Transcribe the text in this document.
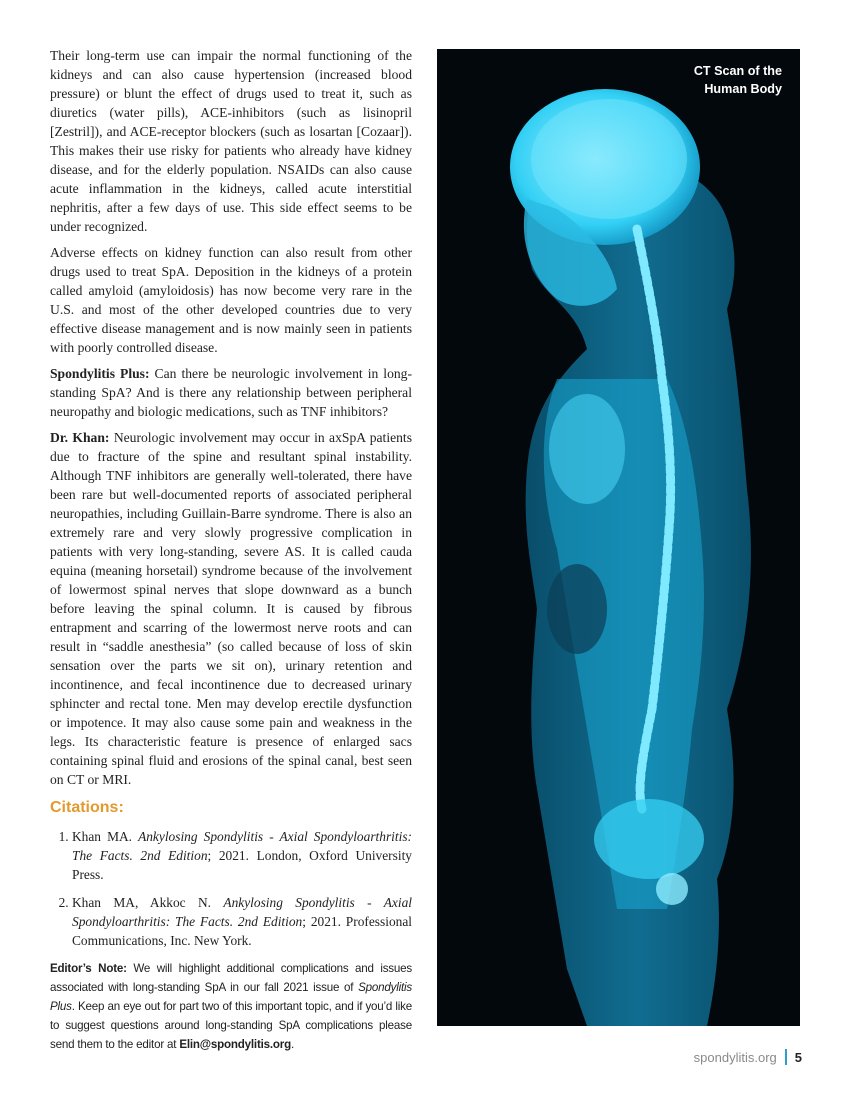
Their long-term use can impair the normal functioning of the kidneys and can also cause hypertension (increased blood pressure) or blunt the effect of drugs used to treat it, such as diuretics (water pills), ACE-inhibitors (such as lisinopril [Zestril]), and ACE-receptor blockers (such as losartan [Cozaar]). This makes their use risky for patients who already have kidney disease, and for the elderly population. NSAIDs can also cause acute inflammation in the kidneys, called acute interstitial nephritis, after a few days of use. This side effect seems to be under recognized.

Adverse effects on kidney function can also result from other drugs used to treat SpA. Deposition in the kidneys of a protein called amyloid (amyloidosis) has now become very rare in the U.S. and most of the other developed countries due to very effective disease management and is now mainly seen in patients with poorly controlled disease.

Spondylitis Plus: Can there be neurologic involvement in long-standing SpA? And is there any relationship between peripheral neuropathy and biologic medications, such as TNF inhibitors?

Dr. Khan: Neurologic involvement may occur in axSpA patients due to fracture of the spine and resultant spinal instability. Although TNF inhibitors are generally well-tolerated, there have been rare but well-documented reports of associated peripheral neuropathies, including Guillain-Barre syndrome. There is also an extremely rare and very slowly progressive complication in patients with very long-standing, severe AS. It is called cauda equina (meaning horsetail) syndrome because of the involvement of lowermost spinal nerves that slope downward as a bunch before leaving the spinal column. It is caused by fibrous entrapment and scarring of the lowermost nerve roots and can result in “saddle anesthesia” (so called because of loss of skin sensation over the parts we sit on), urinary retention and incontinence, and fecal incontinence due to decreased urinary sphincter and rectal tone. Men may develop erectile dysfunction or impotence. It may also cause some pain and weakness in the legs. Its characteristic feature is presence of enlarged sacs containing spinal fluid and erosions of the spinal canal, best seen on CT or MRI.

Citations:
1. Khan MA. Ankylosing Spondylitis - Axial Spondyloarthritis: The Facts. 2nd Edition; 2021. London, Oxford University Press.
2. Khan MA, Akkoc N. Ankylosing Spondylitis - Axial Spondyloarthritis: The Facts. 2nd Edition; 2021. Professional Communications, Inc. New York.
Editor’s Note: We will highlight additional complications and issues associated with long-standing SpA in our fall 2021 issue of Spondylitis Plus. Keep an eye out for part two of this important topic, and if you’d like to suggest questions around long-standing SpA complications please send them to the editor at Elin@spondylitis.org.
CT Scan of the
Human Body
spondylitis.org 5
